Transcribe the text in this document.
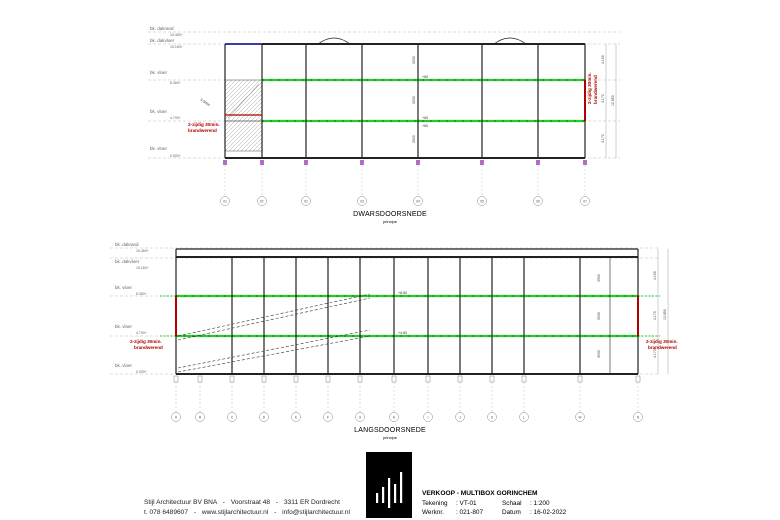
bk. dakrand
15.450+
bk. dakvloer
15.160+
bk. vloer
8.360+
bk. vloer
4.790+
bk. vloer
0.000+
3.5mm
+60
+60
+60
3930
3930
3900
2-zijdig 30min.
brandwerend
2-zijdig 30min. brandwerend
4.150
4.170
4.170
12.850
01	01'	02	03	04	05	06	07
DWARSDOORSNEDE
principe
bk. dakrand
15.450+
bk. dakvloer
15.160+
bk. vloer
8.360+
bk. vloer
4.790+
bk. vloer
0.000+
+8.60
+4.60
3900
3930
3930
2-zijdig 30min.
brandwerend
2-zijdig 30min.
brandwerend
4.150
4.170
4.170
12.850
A	B	C	D	E	F	G	H	I	J	K	L	M	N
LANGSDOORSNEDE
principe
Stijl Architectuur BV BNA - Voorstraat 48 - 3311 ER Dordrecht
t. 078 6489607 - www.stijlarchitectuur.nl - info@stijlarchitectuur.nl
VERKOOP - MULTIBOX GORINCHEM
Tekening : VT-01	Schaal : 1:200
Werknr. : 021-807	Datum : 16-02-2022
